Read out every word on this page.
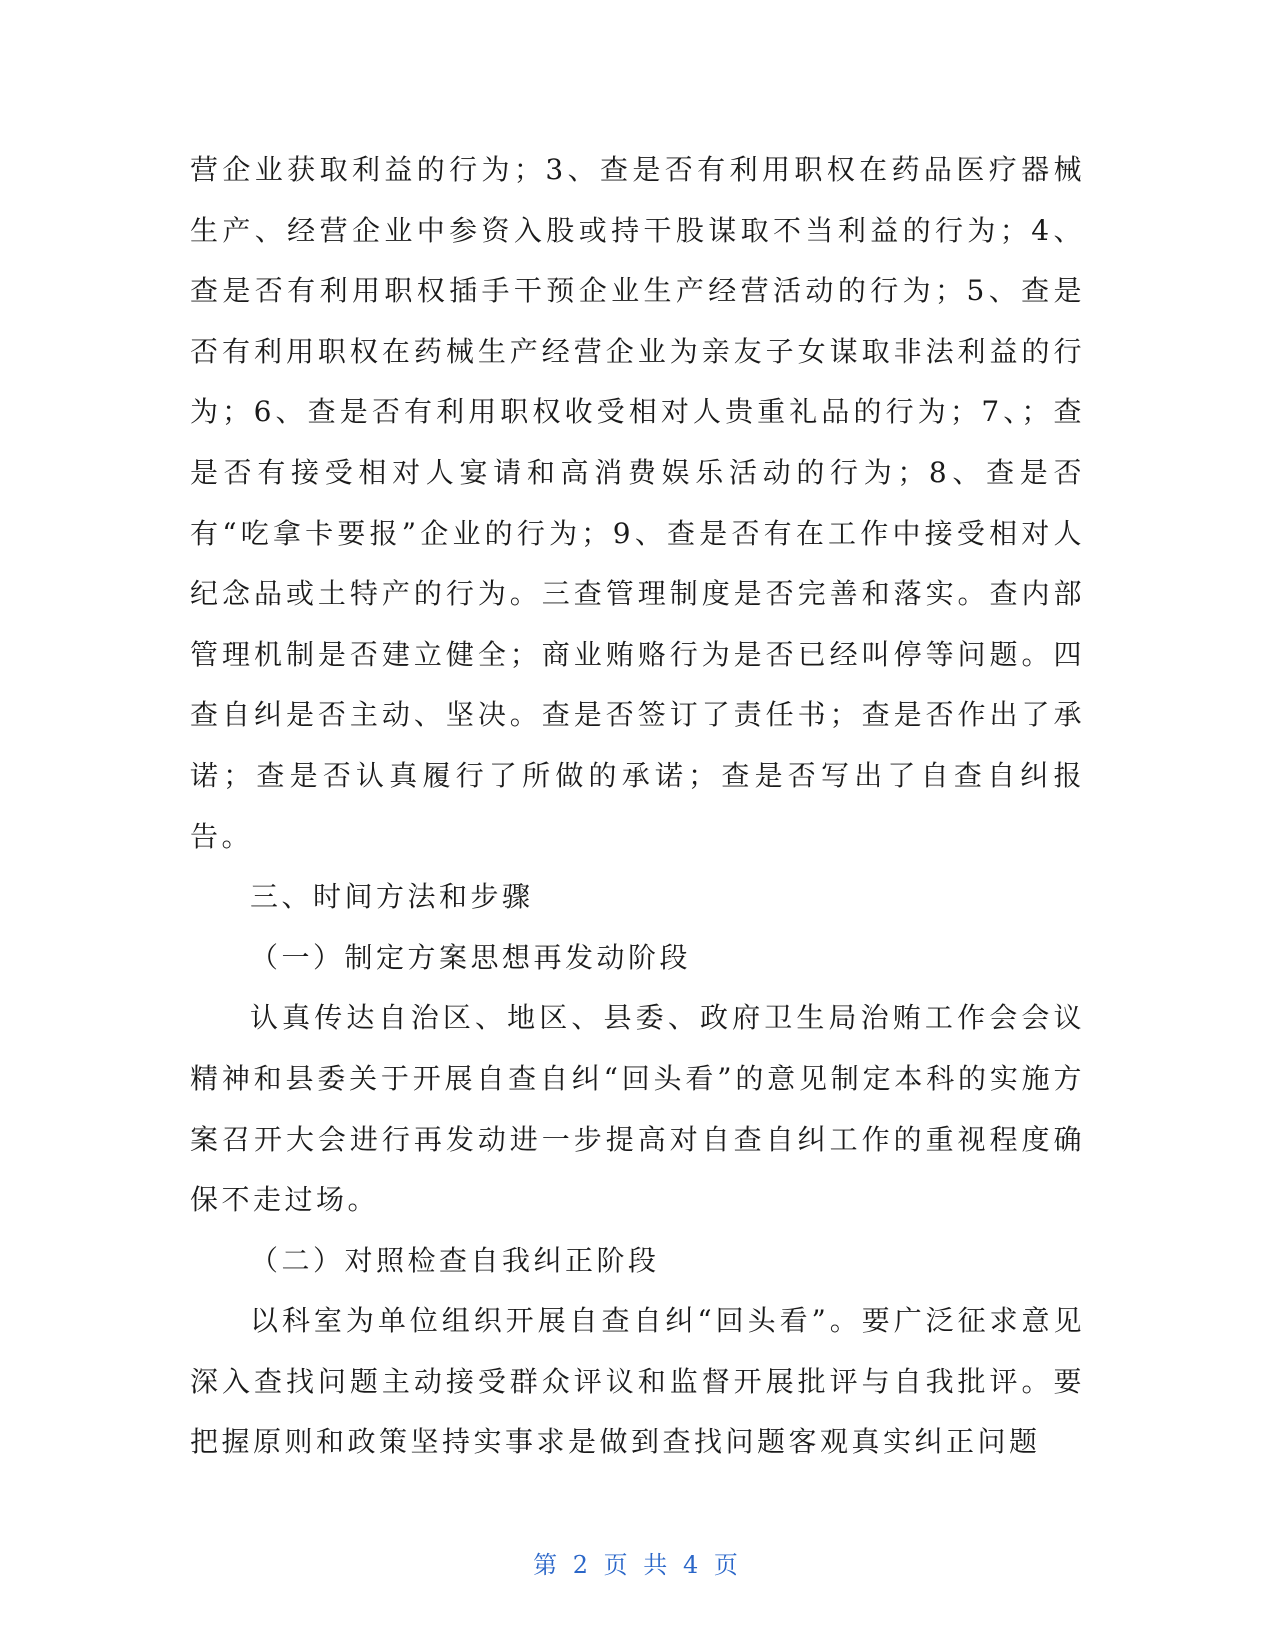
营企业获取利益的行为；3、查是否有利用职权在药品医疗器械生产、经营企业中参资入股或持干股谋取不当利益的行为；4、查是否有利用职权插手干预企业生产经营活动的行为；5、查是否有利用职权在药械生产经营企业为亲友子女谋取非法利益的行为；6、查是否有利用职权收受相对人贵重礼品的行为；7、；查是否有接受相对人宴请和高消费娱乐活动的行为；8、查是否有“吃拿卡要报”企业的行为；9、查是否有在工作中接受相对人纪念品或土特产的行为。三查管理制度是否完善和落实。查内部管理机制是否建立健全；商业贿赂行为是否已经叫停等问题。四查自纠是否主动、坚决。查是否签订了责任书；查是否作出了承诺；查是否认真履行了所做的承诺；查是否写出了自查自纠报告。

三、时间方法和步骤

（一）制定方案思想再发动阶段

认真传达自治区、地区、县委、政府卫生局治贿工作会会议精神和县委关于开展自查自纠“回头看”的意见制定本科的实施方案召开大会进行再发动进一步提高对自查自纠工作的重视程度确保不走过场。

（二）对照检查自我纠正阶段

以科室为单位组织开展自查自纠“回头看”。要广泛征求意见深入查找问题主动接受群众评议和监督开展批评与自我批评。要把握原则和政策坚持实事求是做到查找问题客观真实纠正问题

第 2 页 共 4 页
